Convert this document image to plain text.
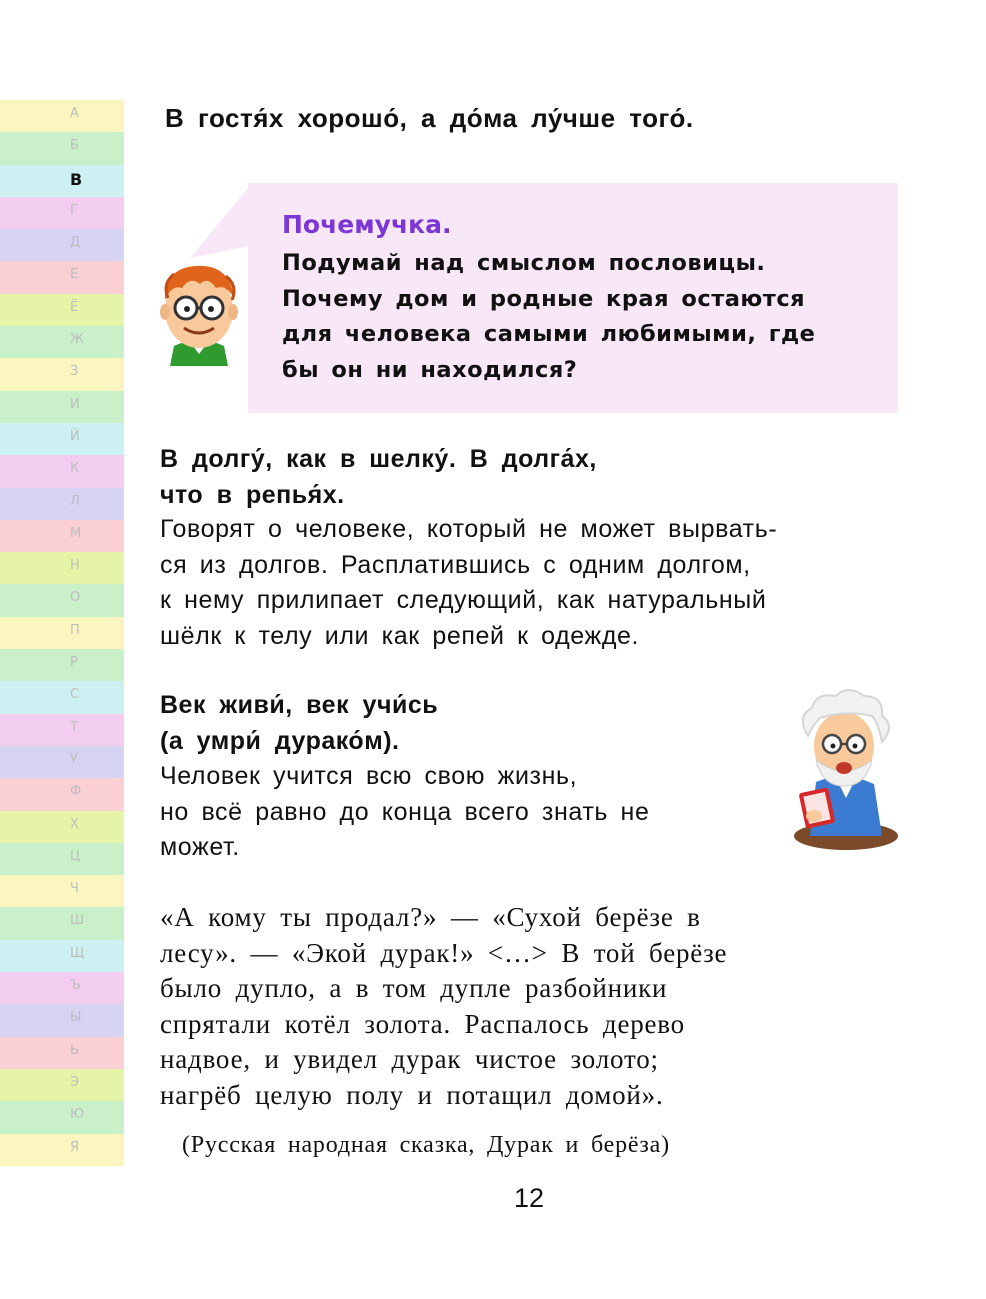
А
Б
В
Г
Д
Е
Ё
Ж
З
И
Й
К
Л
М
Н
О
П
Р
С
Т
У
Ф
Х
Ц
Ч
Ш
Щ
Ъ
Ы
Ь
Э
Ю
Я
В гостя́х хорошо́, а до́ма лу́чше того́.
Почемучка.
Подумай над смыслом пословицы.
Почему дом и родные края остаются
для человека самыми любимыми, где
бы он ни находился?
В долгу́, как в шелку́. В долга́х,
что в репья́х.
Говорят о человеке, который не может вырвать-
ся из долгов. Расплатившись с одним долгом,
к нему прилипает следующий, как натуральный
шёлк к телу или как репей к одежде.
Век живи́, век учи́сь
(а умри́ дурако́м).
Человек учится всю свою жизнь,
но всё равно до конца всего знать не
может.
«А кому ты продал?» — «Сухой берёзе в
лесу». — «Экой дурак!» <…> В той берёзе
было дупло, а в том дупле разбойники
спрятали котёл золота. Распалось дерево
надвое, и увидел дурак чистое золото;
нагрёб целую полу и потащил домой».
(Русская народная сказка, Дурак и берёза)
12
